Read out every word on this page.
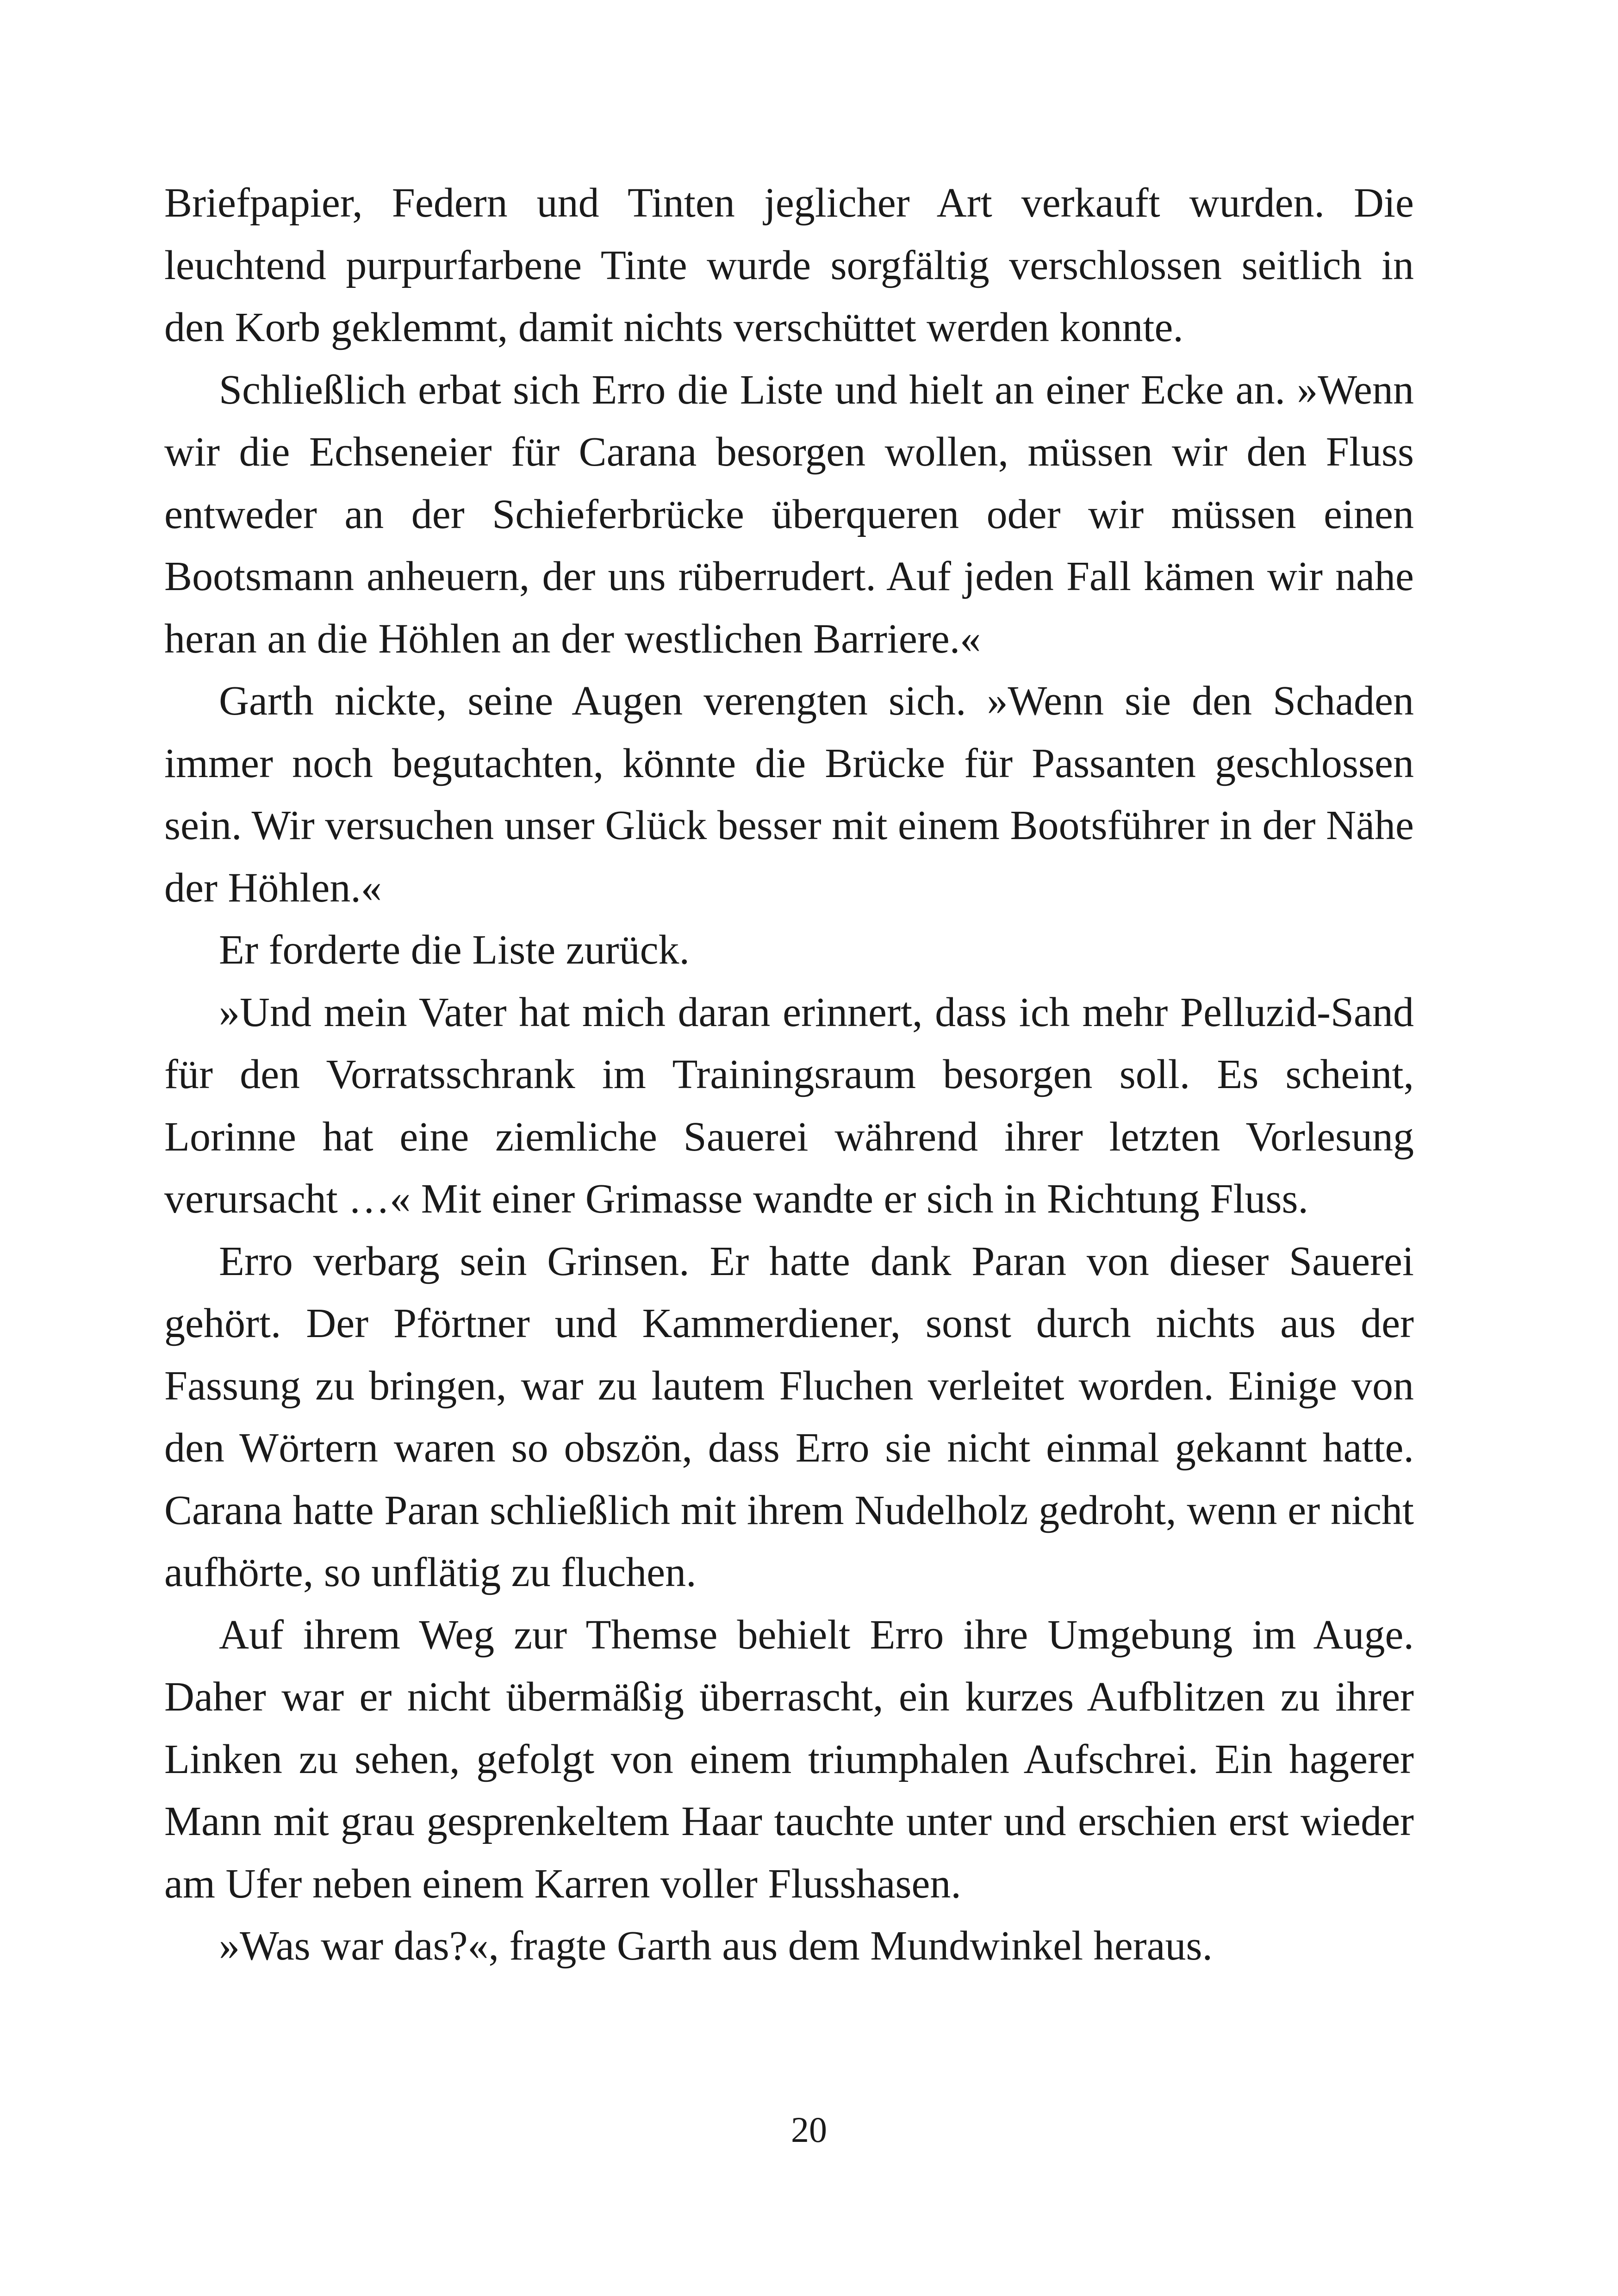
Briefpapier, Federn und Tinten jeglicher Art verkauft wurden. Die leuchtend purpurfarbene Tinte wurde sorgfältig verschlossen seitlich in den Korb geklemmt, damit nichts verschüttet werden konnte.

Schließlich erbat sich Erro die Liste und hielt an einer Ecke an. »Wenn wir die Echseneier für Carana besorgen wollen, müssen wir den Fluss entweder an der Schieferbrücke überqueren oder wir müssen einen Bootsmann anheuern, der uns rüberrudert. Auf jeden Fall kämen wir nahe heran an die Höhlen an der westlichen Barriere.«

Garth nickte, seine Augen verengten sich. »Wenn sie den Schaden immer noch begutachten, könnte die Brücke für Passanten geschlossen sein. Wir versuchen unser Glück besser mit einem Bootsführer in der Nähe der Höhlen.«

Er forderte die Liste zurück.

»Und mein Vater hat mich daran erinnert, dass ich mehr Pelluzid-Sand für den Vorratsschrank im Trainingsraum besorgen soll. Es scheint, Lorinne hat eine ziemliche Sauerei während ihrer letzten Vorlesung verursacht …« Mit einer Grimasse wandte er sich in Richtung Fluss.

Erro verbarg sein Grinsen. Er hatte dank Paran von dieser Sauerei gehört. Der Pförtner und Kammerdiener, sonst durch nichts aus der Fassung zu bringen, war zu lautem Fluchen verleitet worden. Einige von den Wörtern waren so obszön, dass Erro sie nicht einmal gekannt hatte. Carana hatte Paran schließlich mit ihrem Nudelholz gedroht, wenn er nicht aufhörte, so unflätig zu fluchen.

Auf ihrem Weg zur Themse behielt Erro ihre Umgebung im Auge. Daher war er nicht übermäßig überrascht, ein kurzes Aufblitzen zu ihrer Linken zu sehen, gefolgt von einem triumphalen Aufschrei. Ein hagerer Mann mit grau gesprenkeltem Haar tauchte unter und erschien erst wieder am Ufer neben einem Karren voller Flusshasen.

»Was war das?«, fragte Garth aus dem Mundwinkel heraus.

20
